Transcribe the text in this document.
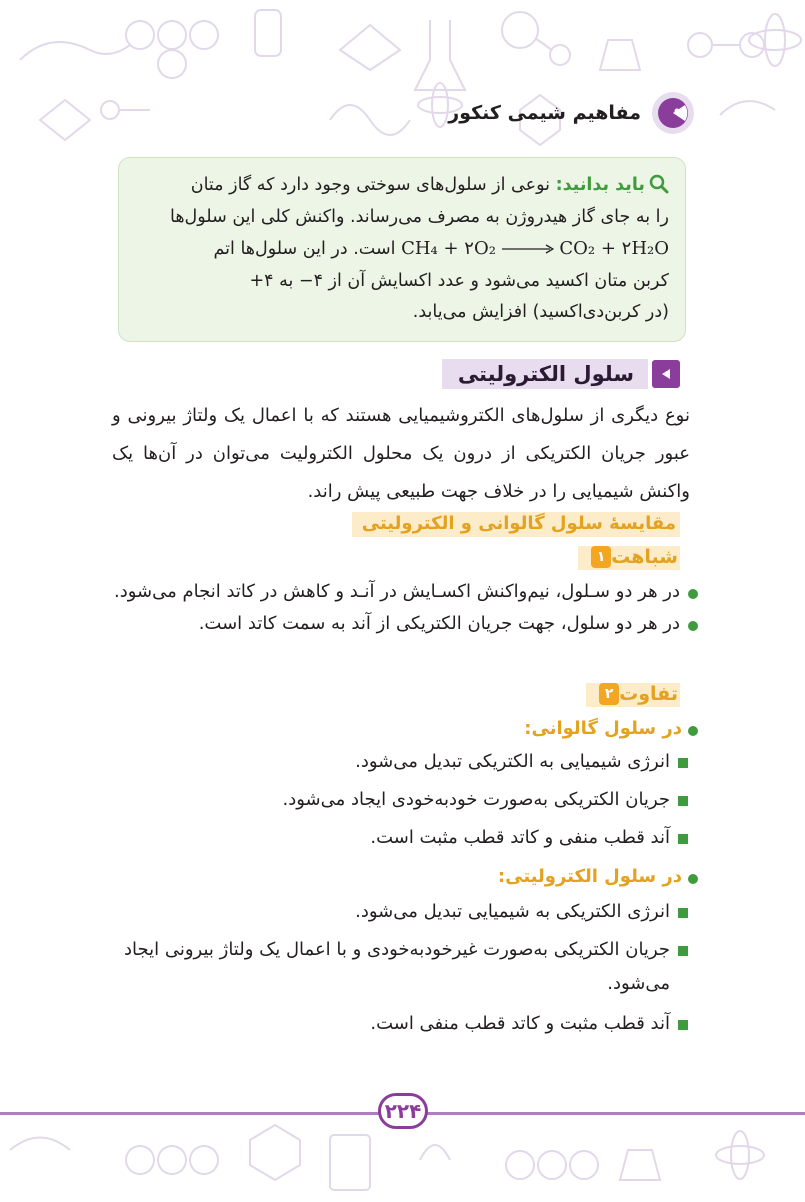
مفاهیم شیمی کنکور
باید بدانید: نوعی از سلول‌های سوختی وجود دارد که گاز متان
را به جای گاز هیدروژن به مصرف می‌رساند. واکنش کلی این سلول‌ها
CH₄ + ۲O₂ → CO₂ + ۲H₂O است. در این سلول‌ها اتم
کربن متان اکسید می‌شود و عدد اکسایش آن از ۴− به ۴+
(در کربن‌دی‌اکسید) افزایش می‌یابد.
سلول الکترولیتی
نوع دیگری از سلول‌های الکتروشیمیایی هستند که با اعمال یک ولتاژ بیرونی و عبور جریان الکتریکی از درون یک محلول الکترولیت می‌توان در آن‌ها یک واکنش شیمیایی را در خلاف جهت طبیعی پیش راند.
مقایسهٔ سلول گالوانی و الکترولیتی
۱ شباهت
در هر دو سـلول، نیم‌واکنش اکسـایش در آنـد و کاهش در کاتد انجام می‌شود.
در هر دو سلول، جهت جریان الکتریکی از آند به سمت کاتد است.
۲ تفاوت
در سلول گالوانی:
انرژی شیمیایی به الکتریکی تبدیل می‌شود.
جریان الکتریکی به‌صورت خودبه‌خودی ایجاد می‌شود.
آند قطب منفی و کاتد قطب مثبت است.
در سلول الکترولیتی:
انرژی الکتریکی به شیمیایی تبدیل می‌شود.
جریان الکتریکی به‌صورت غیرخودبه‌خودی و با اعمال یک ولتاژ بیرونی ایجاد می‌شود.
آند قطب مثبت و کاتد قطب منفی است.
۲۲۴
